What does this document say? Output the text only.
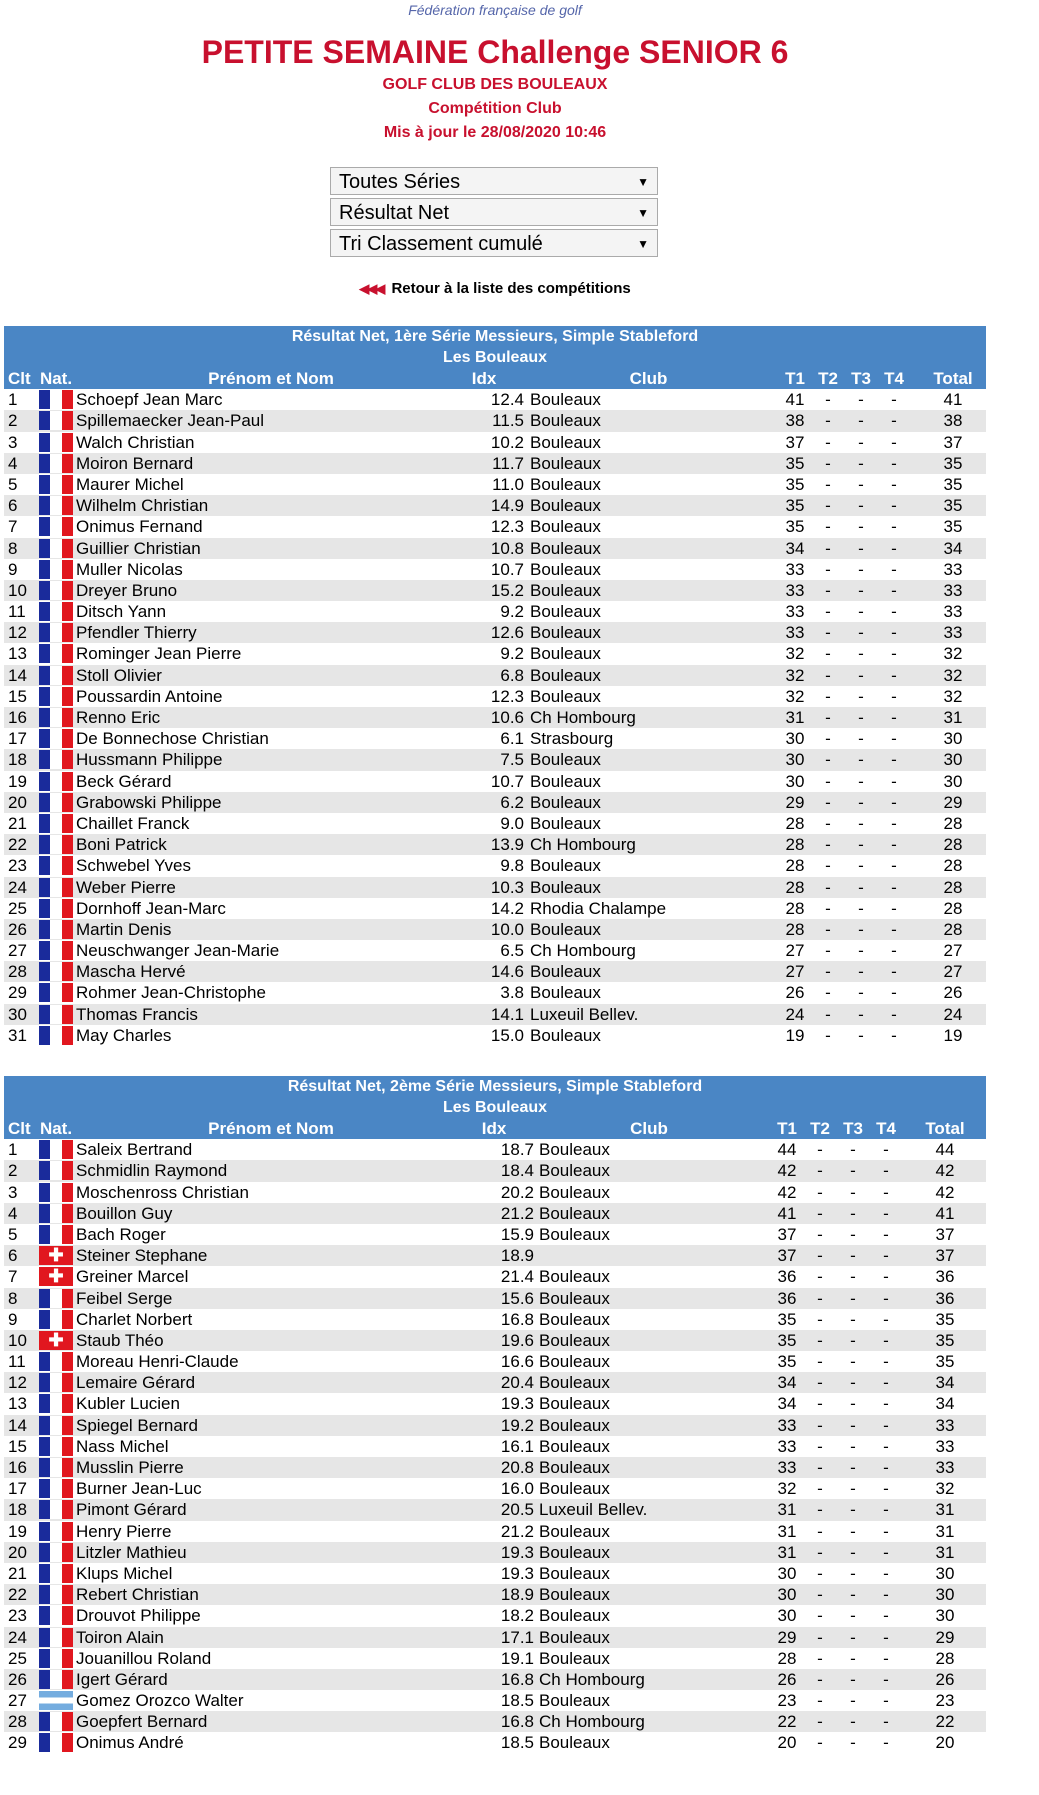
Fédération française de golf
PETITE SEMAINE Challenge SENIOR 6
GOLF CLUB DES BOULEAUX
Compétition Club
Mis à jour le 28/08/2020 10:46
Toutes Séries	▼
Résultat Net	▼
Tri Classement cumulé	▼
◀◀◀ Retour à la liste des compétitions
Résultat Net, 1ère Série Messieurs, Simple Stableford
Les Bouleaux
Clt Nat.	Prénom et Nom	Idx	Club	T1 T2 T3 T4	Total
1	Schoepf Jean Marc	12.4 Bouleaux	41	-	-	-	41
2	Spillemaecker Jean-Paul	11.5 Bouleaux	38	-	-	-	38
3	Walch Christian	10.2 Bouleaux	37	-	-	-	37
4	Moiron Bernard	11.7 Bouleaux	35	-	-	-	35
5	Maurer Michel	11.0 Bouleaux	35	-	-	-	35
6	Wilhelm Christian	14.9 Bouleaux	35	-	-	-	35
7	Onimus Fernand	12.3 Bouleaux	35	-	-	-	35
8	Guillier Christian	10.8 Bouleaux	34	-	-	-	34
9	Muller Nicolas	10.7 Bouleaux	33	-	-	-	33
10	Dreyer Bruno	15.2 Bouleaux	33	-	-	-	33
11	Ditsch Yann	9.2 Bouleaux	33	-	-	-	33
12	Pfendler Thierry	12.6 Bouleaux	33	-	-	-	33
13	Rominger Jean Pierre	9.2 Bouleaux	32	-	-	-	32
14	Stoll Olivier	6.8 Bouleaux	32	-	-	-	32
15	Poussardin Antoine	12.3 Bouleaux	32	-	-	-	32
16	Renno Eric	10.6 Ch Hombourg	31	-	-	-	31
17	De Bonnechose Christian	6.1 Strasbourg	30	-	-	-	30
18	Hussmann Philippe	7.5 Bouleaux	30	-	-	-	30
19	Beck Gérard	10.7 Bouleaux	30	-	-	-	30
20	Grabowski Philippe	6.2 Bouleaux	29	-	-	-	29
21	Chaillet Franck	9.0 Bouleaux	28	-	-	-	28
22	Boni Patrick	13.9 Ch Hombourg	28	-	-	-	28
23	Schwebel Yves	9.8 Bouleaux	28	-	-	-	28
24	Weber Pierre	10.3 Bouleaux	28	-	-	-	28
25	Dornhoff Jean-Marc	14.2 Rhodia Chalampe	28	-	-	-	28
26	Martin Denis	10.0 Bouleaux	28	-	-	-	28
27	Neuschwanger Jean-Marie	6.5 Ch Hombourg	27	-	-	-	27
28	Mascha Hervé	14.6 Bouleaux	27	-	-	-	27
29	Rohmer Jean-Christophe	3.8 Bouleaux	26	-	-	-	26
30	Thomas Francis	14.1 Luxeuil Bellev.	24	-	-	-	24
31	May Charles	15.0 Bouleaux	19	-	-	-	19
Résultat Net, 2ème Série Messieurs, Simple Stableford
Les Bouleaux
Clt Nat.	Prénom et Nom	Idx	Club	T1 T2 T3 T4	Total
1	Saleix Bertrand	18.7 Bouleaux	44	-	-	-	44
2	Schmidlin Raymond	18.4 Bouleaux	42	-	-	-	42
3	Moschenross Christian	20.2 Bouleaux	42	-	-	-	42
4	Bouillon Guy	21.2 Bouleaux	41	-	-	-	41
5	Bach Roger	15.9 Bouleaux	37	-	-	-	37
6	✚ Steiner Stephane	18.9	37	-	-	-	37
7	✚ Greiner Marcel	21.4 Bouleaux	36	-	-	-	36
8	Feibel Serge	15.6 Bouleaux	36	-	-	-	36
9	Charlet Norbert	16.8 Bouleaux	35	-	-	-	35
10	✚ Staub Théo	19.6 Bouleaux	35	-	-	-	35
11	Moreau Henri-Claude	16.6 Bouleaux	35	-	-	-	35
12	Lemaire Gérard	20.4 Bouleaux	34	-	-	-	34
13	Kubler Lucien	19.3 Bouleaux	34	-	-	-	34
14	Spiegel Bernard	19.2 Bouleaux	33	-	-	-	33
15	Nass Michel	16.1 Bouleaux	33	-	-	-	33
16	Musslin Pierre	20.8 Bouleaux	33	-	-	-	33
17	Burner Jean-Luc	16.0 Bouleaux	32	-	-	-	32
18	Pimont Gérard	20.5 Luxeuil Bellev.	31	-	-	-	31
19	Henry Pierre	21.2 Bouleaux	31	-	-	-	31
20	Litzler Mathieu	19.3 Bouleaux	31	-	-	-	31
21	Klups Michel	19.3 Bouleaux	30	-	-	-	30
22	Rebert Christian	18.9 Bouleaux	30	-	-	-	30
23	Drouvot Philippe	18.2 Bouleaux	30	-	-	-	30
24	Toiron Alain	17.1 Bouleaux	29	-	-	-	29
25	Jouanillou Roland	19.1 Bouleaux	28	-	-	-	28
26	Igert Gérard	16.8 Ch Hombourg	26	-	-	-	26
27	Gomez Orozco Walter	18.5 Bouleaux	23	-	-	-	23
28	Goepfert Bernard	16.8 Ch Hombourg	22	-	-	-	22
29	Onimus André	18.5 Bouleaux	20	-	-	-	20
